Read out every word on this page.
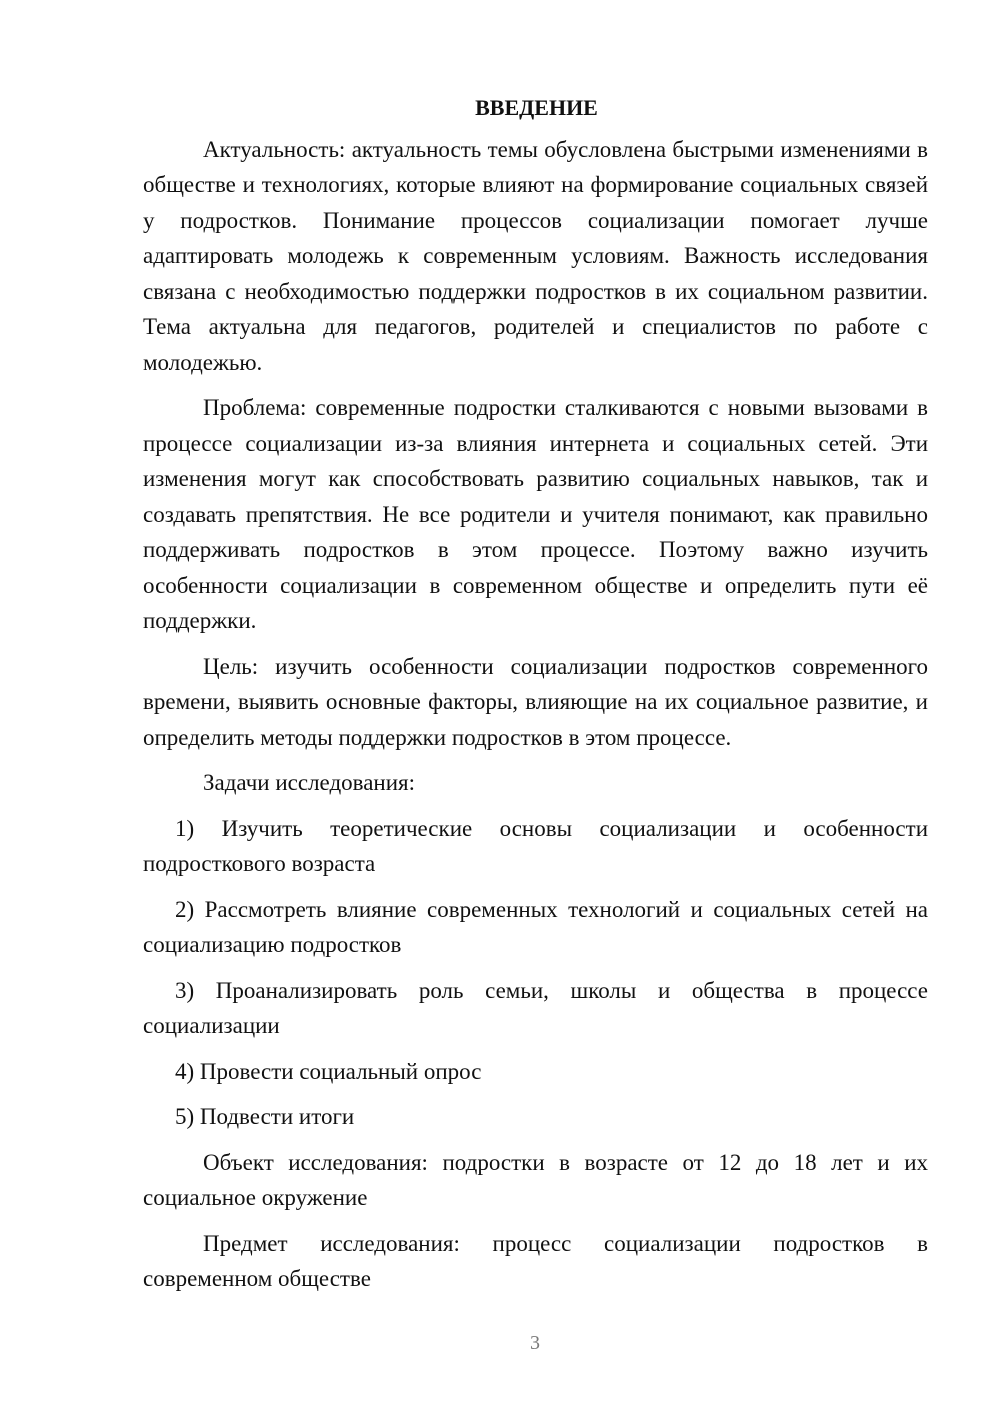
ВВЕДЕНИЕ

Актуальность: актуальность темы обусловлена быстрыми изменениями в обществе и технологиях, которые влияют на формирование социальных связей у подростков. Понимание процессов социализации помогает лучше адаптировать молодежь к современным условиям. Важность исследования связана с необходимостью поддержки подростков в их социальном развитии. Тема актуальна для педагогов, родителей и специалистов по работе с молодежью.

Проблема: современные подростки сталкиваются с новыми вызовами в процессе социализации из-за влияния интернета и социальных сетей. Эти изменения могут как способствовать развитию социальных навыков, так и создавать препятствия. Не все родители и учителя понимают, как правильно поддерживать подростков в этом процессе. Поэтому важно изучить особенности социализации в современном обществе и определить пути её поддержки.

Цель: изучить особенности социализации подростков современного времени, выявить основные факторы, влияющие на их социальное развитие, и определить методы поддержки подростков в этом процессе.

Задачи исследования:

1) Изучить теоретические основы социализации и особенности подросткового возраста

2) Рассмотреть влияние современных технологий и социальных сетей на социализацию подростков

3) Проанализировать роль семьи, школы и общества в процессе социализации

4) Провести социальный опрос

5) Подвести итоги

Объект исследования: подростки в возрасте от 12 до 18 лет и их социальное окружение

Предмет исследования: процесс социализации подростков в современном обществе

3
